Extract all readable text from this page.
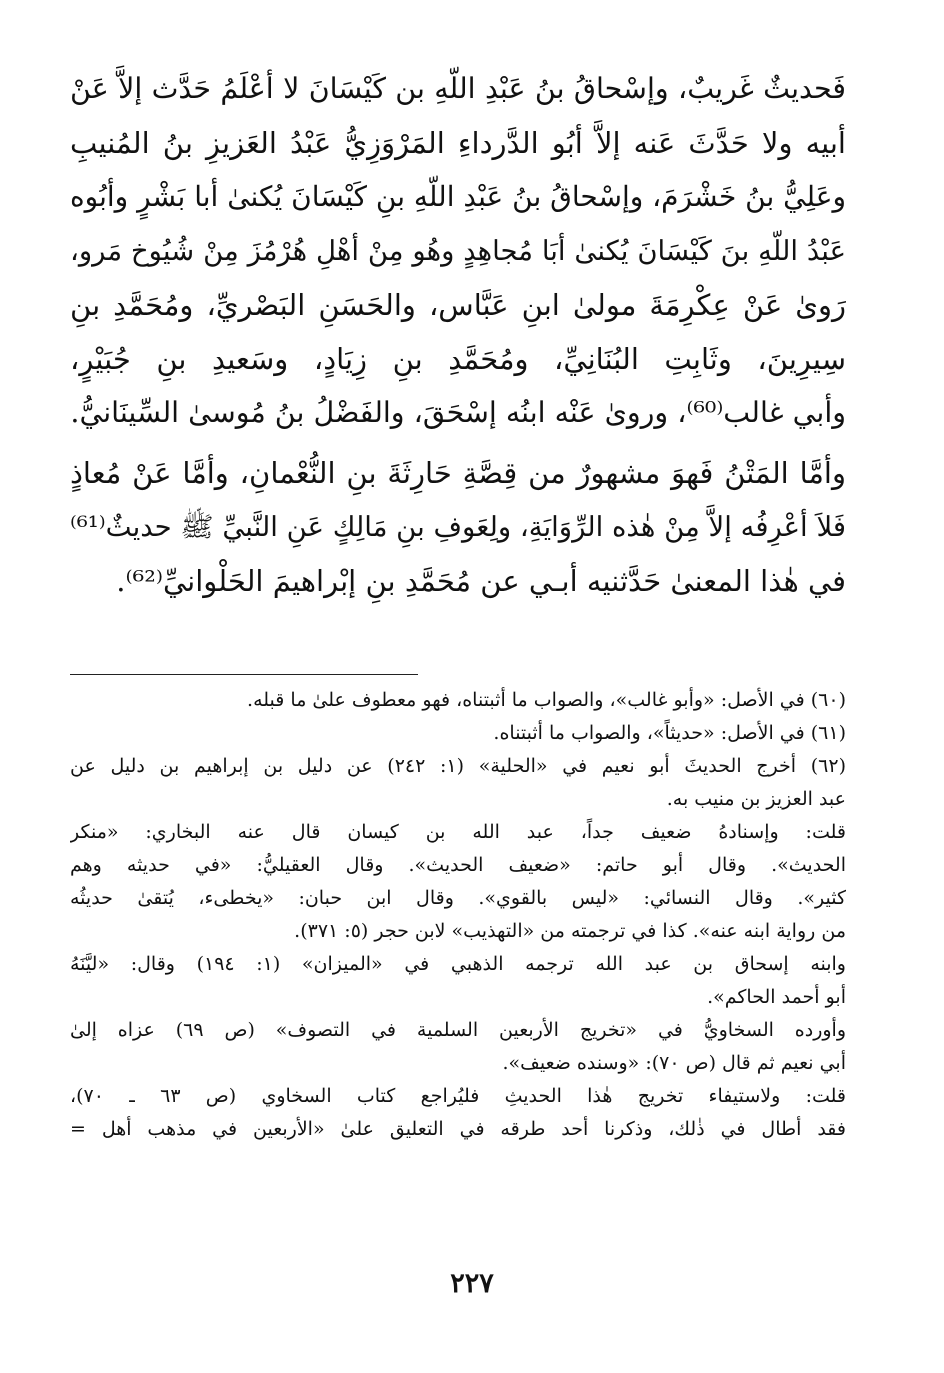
فَحديثٌ غَريبٌ، وإسْحاقُ بنُ عَبْدِ اللّهِ بن كَيْسَانَ لا أعْلَمُ حَدَّث إلاَّ عَنْ
أبيه ولا حَدَّثَ عَنه إلاَّ أبُو الدَّرداءِ المَرْوَزِيُّ عَبْدُ العَزيزِ بنُ المُنيبِ
وعَلِيُّ بنُ خَشْرَمَ، وإسْحاقُ بنُ عَبْدِ اللّهِ بنِ كَيْسَانَ يُكنىٰ أبا بَشْرٍ وأبُوه
عَبْدُ اللّهِ بنَ كَيْسَانَ يُكنىٰ أبَا مُجاهِدٍ وهُو مِنْ أهْلِ هُرْمُزَ مِنْ شُيُوخ مَرو،
رَوىٰ عَنْ عِكْرِمَةَ مولىٰ ابنِ عَبَّاس، والحَسَنِ البَصْريِّ، ومُحَمَّدِ بنِ
سِيرِينَ، وثَابِتِ البُنَانِيِّ، ومُحَمَّدِ بنِ زِيَادٍ، وسَعيدِ بنِ جُبَيْرٍ،
وأبي غالب⁽⁶⁰⁾، وروىٰ عَنْه ابنُه إسْحَقَ، والفَضْلُ بنُ مُوسىٰ السِّينَانيُّ.
وأمَّا المَتْنُ فَهوَ مشهورٌ من قِصَّةِ حَارِثَةَ بنِ النُّعْمانِ، وأمَّا عَنْ مُعاذٍ
فَلاَ أعْرِفُه إلاَّ مِنْ هٰذه الرِّوَايَةِ، ولِعَوفِ بنِ مَالِكٍ عَنِ النَّبيِّ ﷺ حديثٌ⁽⁶¹⁾
في هٰذا المعنىٰ حَدَّثنيه أبـي عن مُحَمَّدِ بنِ إبْراهيمَ الحَلْوانيِّ⁽⁶²⁾.
(٦٠) في الأصل: «وأبو غالب»، والصواب ما أثبتناه، فهو معطوف علىٰ ما قبله.
(٦١) في الأصل: «حديثاً»، والصواب ما أثبتناه.
(٦٢) أخرج الحديثَ أبو نعيم في «الحلية» (١: ٢٤٢) عن دليل بن إبراهيم بن دليل عن
عبد العزيز بن منيب به.
قلت: وإسنادهُ ضعيف جداً، عبد الله بن كيسان قال عنه البخاري: «منكر
الحديث». وقال أبو حاتم: «ضعيف الحديث». وقال العقيليُّ: «في حديثه وهم
كثير». وقال النسائي: «ليس بالقوي». وقال ابن حبان: «يخطىء، يُتقىٰ حديثُه
من رواية ابنه عنه». كذا في ترجمته من «التهذيب» لابن حجر (٥: ٣٧١).
وابنه إسحاق بن عبد الله ترجمه الذهبي في «الميزان» (١: ١٩٤) وقال: «ليَّنَهُ
أبو أحمد الحاكم».
وأورده السخاويُّ في «تخريج الأربعين السلمية في التصوف» (ص ٦٩) عزاه إلىٰ
أبي نعيم ثم قال (ص ٧٠): «وسنده ضعيف».
قلت: ولاستيفاء تخريج هٰذا الحديثِ فليُراجع كتاب السخاوي (ص ٦٣ ـ ٧٠)،
فقد أطال في ذٰلك، وذكرنا أحد طرقه في التعليق علىٰ «الأربعين في مذهب أهل =
٢٢٧
